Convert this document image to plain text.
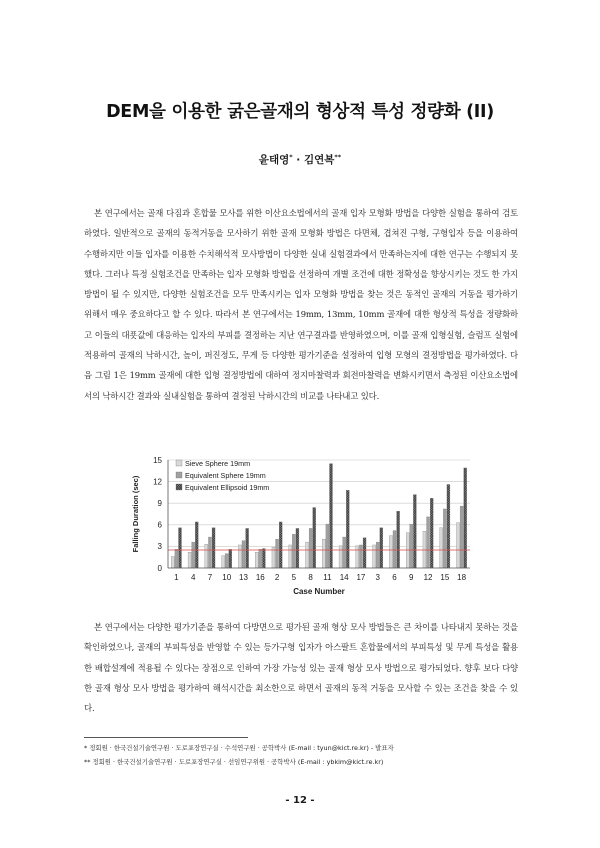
DEM을 이용한 굵은골재의 형상적 특성 정량화 (II)
윤태영* · 김연복**

본 연구에서는 골재 다짐과 혼합물 모사를 위한 이산요소법에서의 골재 입자 모형화 방법을 다양한 실험을 통하여 검토하였다. 일반적으로 골재의 동적거동을 모사하기 위한 골재 모형화 방법은 다면체, 겹쳐진 구형, 구형입자 등을 이용하여 수행하지만 이들 입자를 이용한 수치해석적 모사방법이 다양한 실내 실험결과에서 만족하는지에 대한 연구는 수행되지 못했다. 그러나 특정 실험조건을 만족하는 입자 모형화 방법을 선정하여 개별 조건에 대한 정확성을 향상시키는 것도 한 가지 방법이 될 수 있지만, 다양한 실험조건을 모두 만족시키는 입자 모형화 방법을 찾는 것은 동적인 골재의 거동을 평가하기 위해서 매우 중요하다고 할 수 있다. 따라서 본 연구에서는 19mm, 13mm, 10mm 골재에 대한 형상적 특성을 정량화하고 이들의 대푯값에 대응하는 입자의 부피를 결정하는 지난 연구결과를 반영하였으며, 이를 골재 입형실험, 슬럼프 실험에 적용하여 골재의 낙하시간, 높이, 퍼진정도, 무게 등 다양한 평가기준을 설정하여 입형 모형의 결정방법을 평가하였다. 다음 그림 1은 19mm 골재에 대한 입형 결정방법에 대하여 정지마찰력과 회전마찰력을 변화시키면서 측정된 이산요소법에서의 낙하시간 결과와 실내실험을 통하여 결정된 낙하시간의 비교를 나타내고 있다.

0
3
6
9
12
15
1 4 7 10 13 16 2 5 8 11 14 17 3 6 9 12 15 18
Falling Duration (sec)
Case Number
Sieve Sphere 19mm
Equivalent Sphere 19mm
Equivalent Ellipsoid 19mm

본 연구에서는 다양한 평가기준을 통하여 다방면으로 평가된 골재 형상 모사 방법들은 큰 차이를 나타내지 못하는 것을 확인하였으나, 골재의 부피특성을 반영할 수 있는 등가구형 입자가 아스팔트 혼합물에서의 부피특성 및 무게 특성을 활용한 배합설계에 적용될 수 있다는 장점으로 인하여 가장 가능성 있는 골재 형상 모사 방법으로 평가되었다. 향후 보다 다양한 골재 형상 모사 방법을 평가하여 해석시간을 최소한으로 하면서 골재의 동적 거동을 모사할 수 있는 조건을 찾을 수 있다.

* 정회원 · 한국건설기술연구원 · 도로포장연구실 · 수석연구원 · 공학박사 (E-mail : tyun@kict.re.kr) - 발표자
** 정회원 · 한국건설기술연구원 · 도로포장연구실 · 선임연구위원 · 공학박사 (E-mail : ybkim@kict.re.kr)
- 12 -
